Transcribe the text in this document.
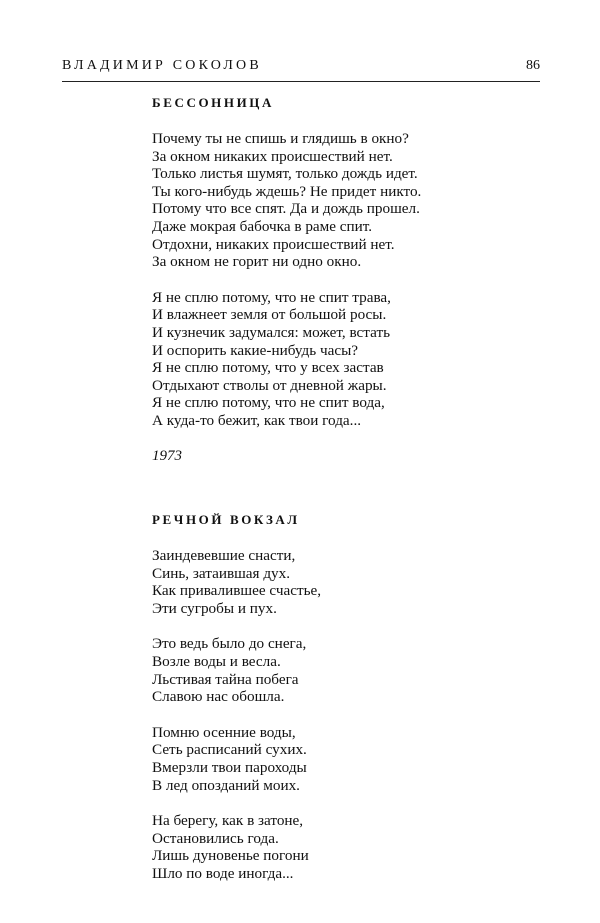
ВЛАДИМИР СОКОЛОВ	86
БЕССОННИЦА
Почему ты не спишь и глядишь в окно?
За окном никаких происшествий нет.
Только листья шумят, только дождь идет.
Ты кого-нибудь ждешь? Не придет никто.
Потому что все спят. Да и дождь прошел.
Даже мокрая бабочка в раме спит.
Отдохни, никаких происшествий нет.
За окном не горит ни одно окно.
Я не сплю потому, что не спит трава,
И влажнеет земля от большой росы.
И кузнечик задумался: может, встать
И оспорить какие-нибудь часы?
Я не сплю потому, что у всех застав
Отдыхают стволы от дневной жары.
Я не сплю потому, что не спит вода,
А куда-то бежит, как твои года...
1973
РЕЧНОЙ ВОКЗАЛ
Заиндевевшие снасти,
Синь, затаившая дух.
Как привалившее счастье,
Эти сугробы и пух.
Это ведь было до снега,
Возле воды и весла.
Льстивая тайна побега
Славою нас обошла.
Помню осенние воды,
Сеть расписаний сухих.
Вмерзли твои пароходы
В лед опозданий моих.
На берегу, как в затоне,
Остановились года.
Лишь дуновенье погони
Шло по воде иногда...
